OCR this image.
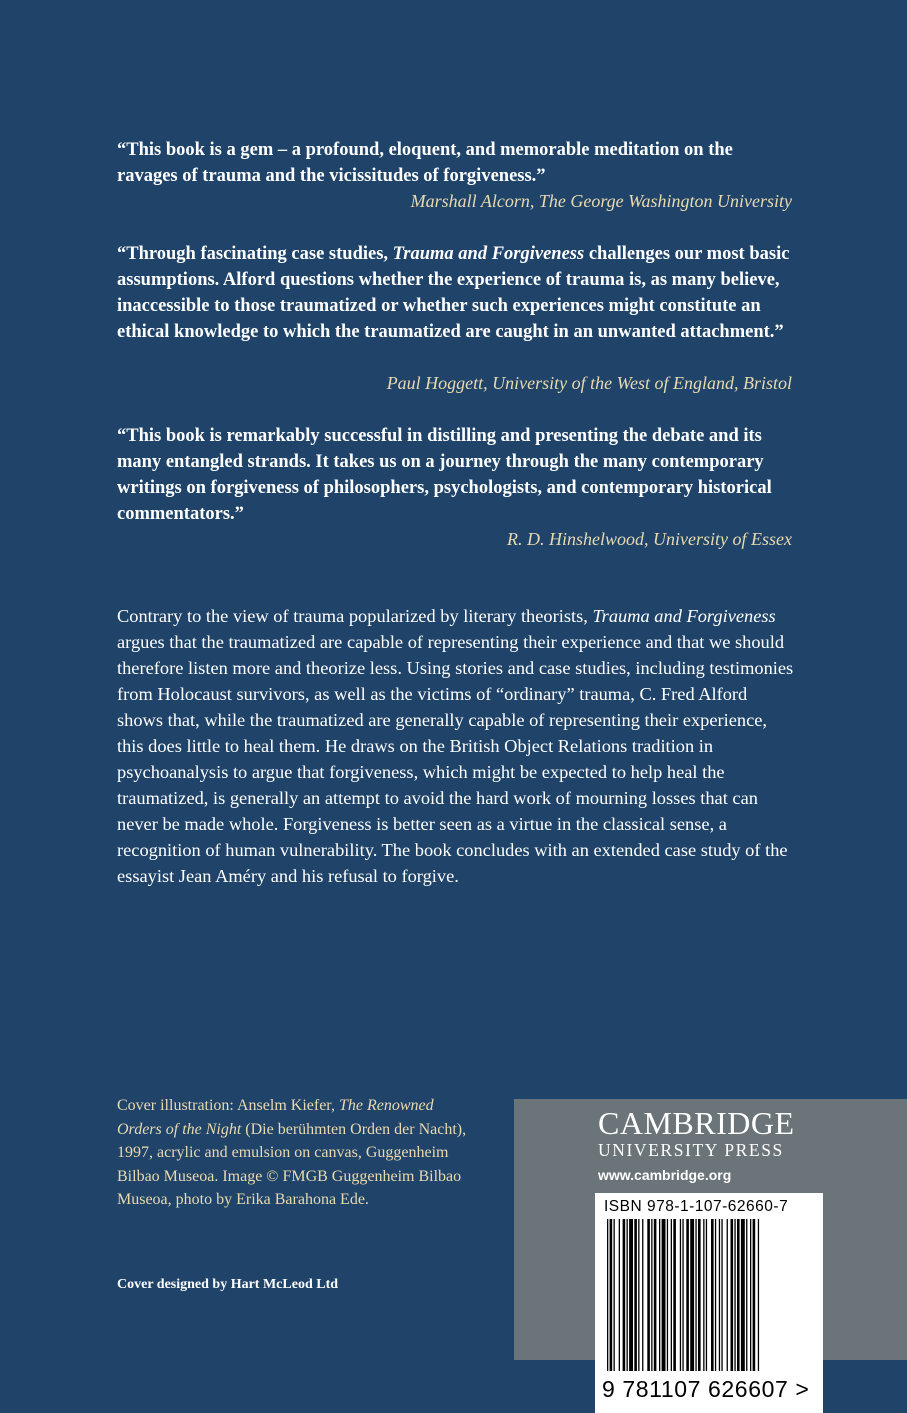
“This book is a gem – a profound, eloquent, and memorable meditation on the ravages of trauma and the vicissitudes of forgiveness.”
Marshall Alcorn, The George Washington University
“Through fascinating case studies, Trauma and Forgiveness challenges our most basic assumptions. Alford questions whether the experience of trauma is, as many believe, inaccessible to those traumatized or whether such experiences might constitute an ethical knowledge to which the traumatized are caught in an unwanted attachment.”
Paul Hoggett, University of the West of England, Bristol
“This book is remarkably successful in distilling and presenting the debate and its many entangled strands. It takes us on a journey through the many contemporary writings on forgiveness of philosophers, psychologists, and contemporary historical commentators.”
R. D. Hinshelwood, University of Essex
Contrary to the view of trauma popularized by literary theorists, Trauma and Forgiveness argues that the traumatized are capable of representing their experience and that we should therefore listen more and theorize less. Using stories and case studies, including testimonies from Holocaust survivors, as well as the victims of “ordinary” trauma, C. Fred Alford shows that, while the traumatized are generally capable of representing their experience, this does little to heal them. He draws on the British Object Relations tradition in psychoanalysis to argue that forgiveness, which might be expected to help heal the traumatized, is generally an attempt to avoid the hard work of mourning losses that can never be made whole. Forgiveness is better seen as a virtue in the classical sense, a recognition of human vulnerability. The book concludes with an extended case study of the essayist Jean Améry and his refusal to forgive.
Cover illustration: Anselm Kiefer, The Renowned Orders of the Night (Die berühmten Orden der Nacht), 1997, acrylic and emulsion on canvas, Guggenheim Bilbao Museoa. Image © FMGB Guggenheim Bilbao Museoa, photo by Erika Barahona Ede.
Cover designed by Hart McLeod Ltd
CAMBRIDGE
UNIVERSITY PRESS
www.cambridge.org
ISBN 978-1-107-62660-7
9 781107 626607 >
